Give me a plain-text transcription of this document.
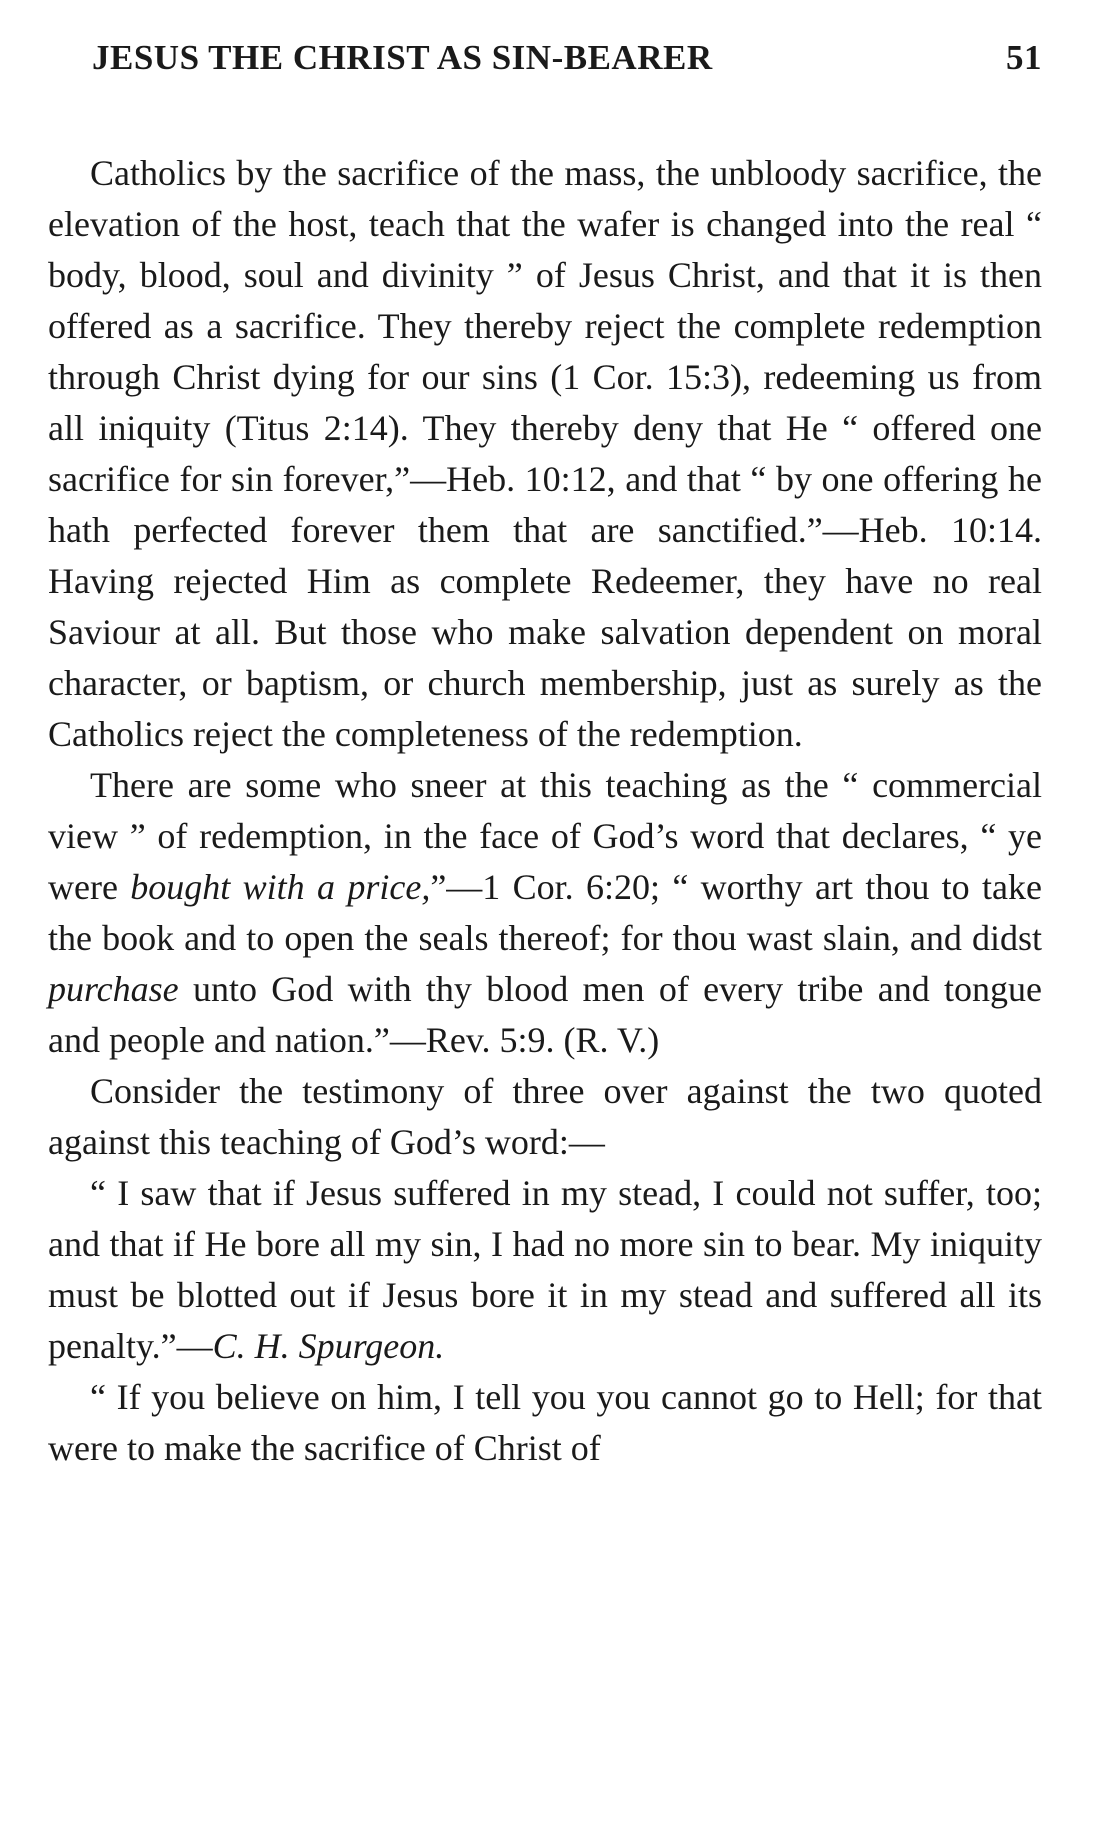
JESUS THE CHRIST AS SIN-BEARER	51

Catholics by the sacrifice of the mass, the unbloody sacrifice, the elevation of the host, teach that the wafer is changed into the real “ body, blood, soul and divinity ” of Jesus Christ, and that it is then offered as a sacrifice. They thereby reject the complete redemption through Christ dying for our sins (1 Cor. 15:3), redeeming us from all iniquity (Titus 2:14). They thereby deny that He “ offered one sacrifice for sin forever,”—Heb. 10:12, and that “ by one offering he hath perfected forever them that are sanctified.”—Heb. 10:14. Having rejected Him as complete Redeemer, they have no real Saviour at all. But those who make salvation dependent on moral character, or baptism, or church membership, just as surely as the Catholics reject the completeness of the redemption.

There are some who sneer at this teaching as the “ commercial view ” of redemption, in the face of God’s word that declares, “ ye were bought with a price,”—1 Cor. 6:20; “ worthy art thou to take the book and to open the seals thereof; for thou wast slain, and didst purchase unto God with thy blood men of every tribe and tongue and people and nation.”—Rev. 5:9. (R. V.)

Consider the testimony of three over against the two quoted against this teaching of God’s word:—

“ I saw that if Jesus suffered in my stead, I could not suffer, too; and that if He bore all my sin, I had no more sin to bear. My iniquity must be blotted out if Jesus bore it in my stead and suffered all its penalty.”—C. H. Spurgeon.

“ If you believe on him, I tell you you cannot go to Hell; for that were to make the sacrifice of Christ of
